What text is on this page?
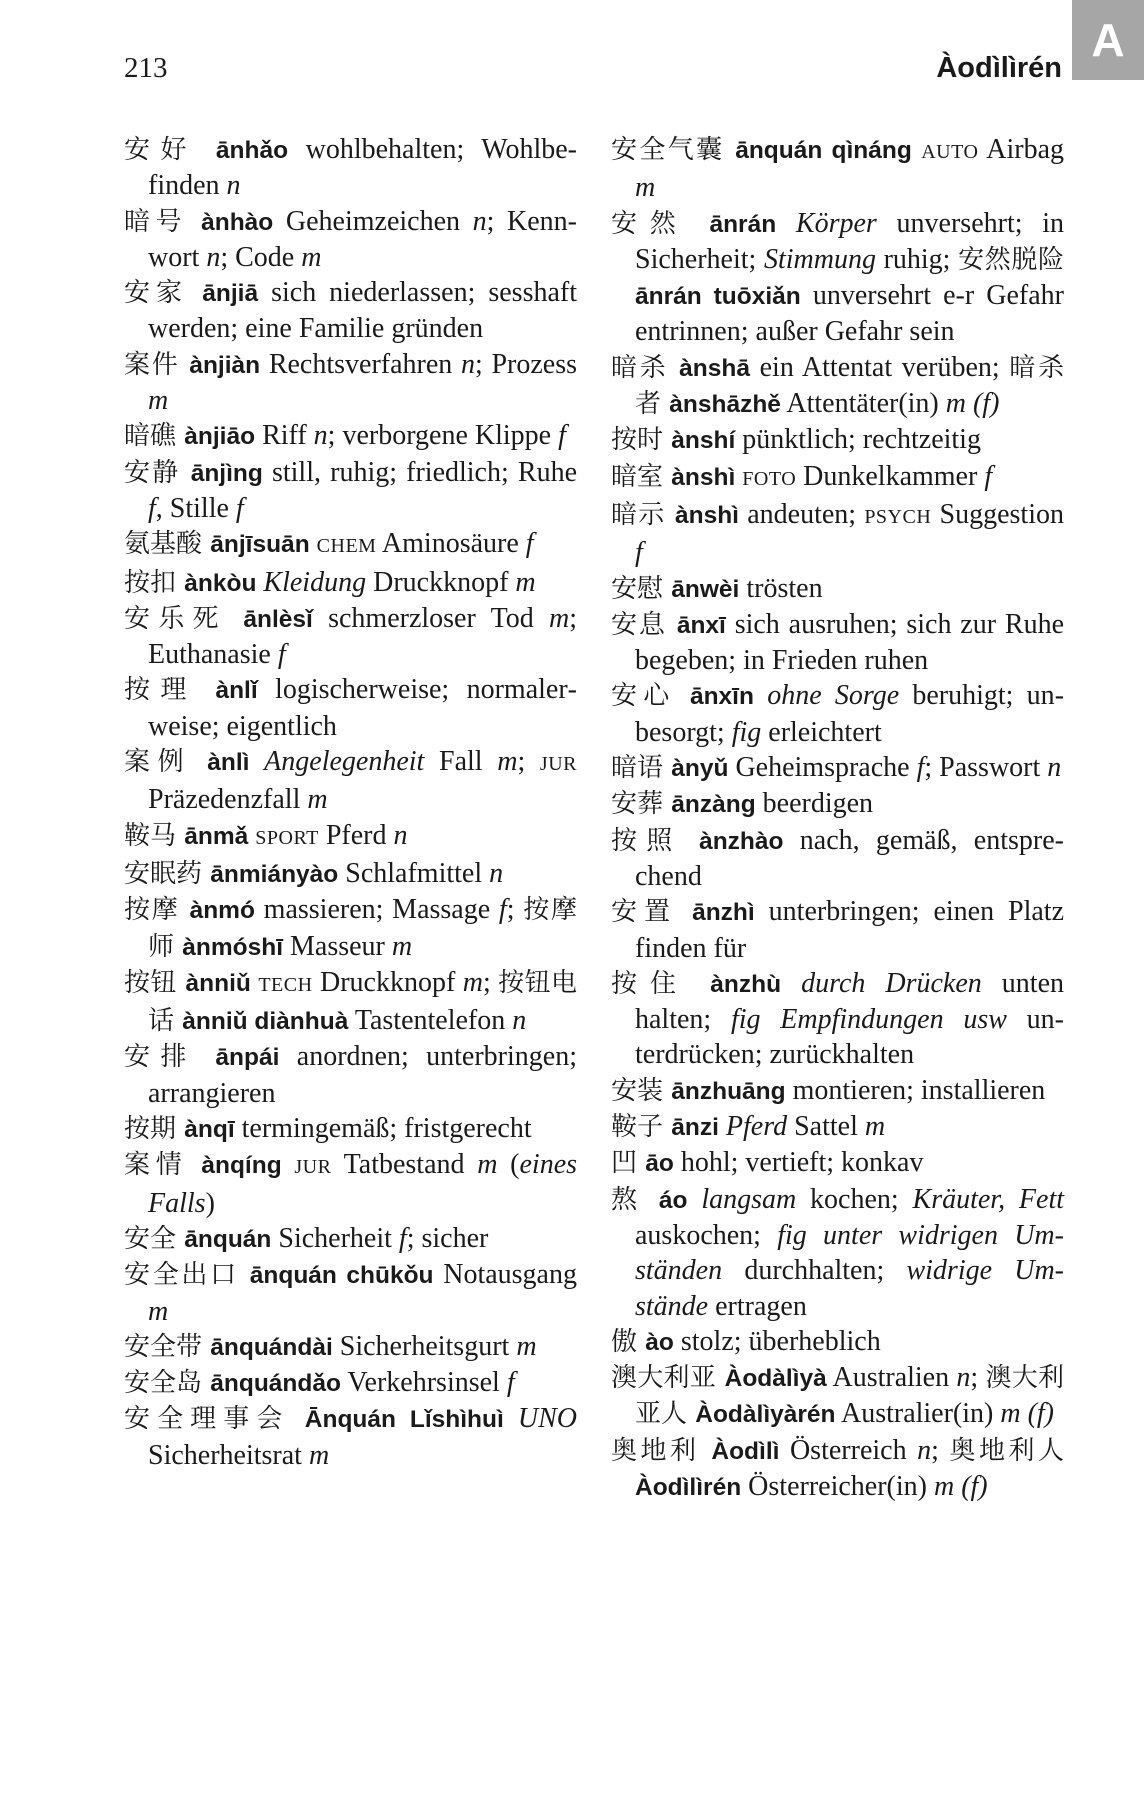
213	Àodìlìrén
A
安好 ānhǎo wohlbehalten; Wohlbefinden n
暗号 ànhào Geheimzeichen n; Kennwort n; Code m
安家 ānjiā sich niederlassen; sesshaft werden; eine Familie gründen
案件 ànjiàn Rechtsverfahren n; Prozess m
暗礁 ànjiāo Riff n; verborgene Klippe f
安静 ānjìng still, ruhig; friedlich; Ruhe f, Stille f
氨基酸 ānjīsuān CHEM Aminosäure f
按扣 ànkòu Kleidung Druckknopf m
安乐死 ānlèsǐ schmerzloser Tod m; Euthanasie f
按理 ànlǐ logischerweise; normalerweise; eigentlich
案例 ànlì Angelegenheit Fall m; JUR Präzedenzfall m
鞍马 ānmǎ SPORT Pferd n
安眠药 ānmiányào Schlafmittel n
按摩 ànmó massieren; Massage f; 按摩师 ànmóshī Masseur m
按钮 ànniǔ TECH Druckknopf m; 按钮电话 ànniǔ diànhuà Tastentelefon n
安排 ānpái anordnen; unterbringen; arrangieren
按期 ànqī termingemäß; fristgerecht
案情 ànqíng JUR Tatbestand m (eines Falls)
安全 ānquán Sicherheit f; sicher
安全出口 ānquán chūkǒu Notausgang m
安全带 ānquándài Sicherheitsgurt m
安全岛 ānquándǎo Verkehrsinsel f
安全理事会 Ānquán Lǐshìhuì UNO Sicherheitsrat m
安全气囊 ānquán qìnáng AUTO Airbag m
安然 ānrán Körper unversehrt; in Sicherheit; Stimmung ruhig; 安然脱险 ānrán tuōxiǎn unversehrt e-r Gefahr entrinnen; außer Gefahr sein
暗杀 ànshā ein Attentat verüben; 暗杀者 ànshāzhě Attentäter(in) m (f)
按时 ànshí pünktlich; rechtzeitig
暗室 ànshì FOTO Dunkelkammer f
暗示 ànshì andeuten; PSYCH Suggestion f
安慰 ānwèi trösten
安息 ānxī sich ausruhen; sich zur Ruhe begeben; in Frieden ruhen
安心 ānxīn ohne Sorge beruhigt; unbesorgt; fig erleichtert
暗语 ànyǔ Geheimsprache f; Passwort n
安葬 ānzàng beerdigen
按照 ànzhào nach, gemäß, entsprechend
安置 ānzhì unterbringen; einen Platz finden für
按住 ànzhù durch Drücken unten halten; fig Empfindungen usw unterdrücken; zurückhalten
安装 ānzhuāng montieren; installieren
鞍子 ānzi Pferd Sattel m
凹 āo hohl; vertieft; konkav
熬 áo langsam kochen; Kräuter, Fett auskochen; fig unter widrigen Umständen durchhalten; widrige Umstände ertragen
傲 ào stolz; überheblich
澳大利亚 Àodàlìyà Australien n; 澳大利亚人 Àodàlìyàrén Australier(in) m (f)
奥地利 Àodìlì Österreich n; 奥地利人 Àodìlìrén Österreicher(in) m (f)
